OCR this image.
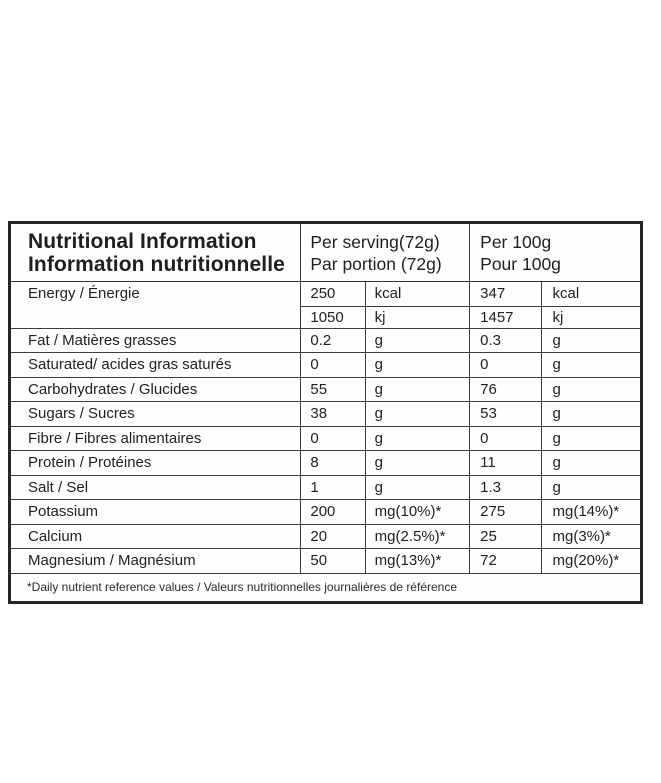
Nutritional Information
Information nutritionnelle

Per serving(72g)
Par portion (72g)

Per 100g
Pour 100g

Energy / Énergie	250	kcal	347	kcal
	1050	kj	1457	kj
Fat / Matières grasses	0.2	g	0.3	g
Saturated/ acides gras saturés	0	g	0	g
Carbohydrates / Glucides	55	g	76	g
Sugars / Sucres	38	g	53	g
Fibre / Fibres alimentaires	0	g	0	g
Protein / Protéines	8	g	11	g
Salt / Sel	1	g	1.3	g
Potassium	200	mg(10%)*	275	mg(14%)*
Calcium	20	mg(2.5%)*	25	mg(3%)*
Magnesium / Magnésium	50	mg(13%)*	72	mg(20%)*
*Daily nutrient reference values / Valeurs nutritionnelles journalières de référence				
